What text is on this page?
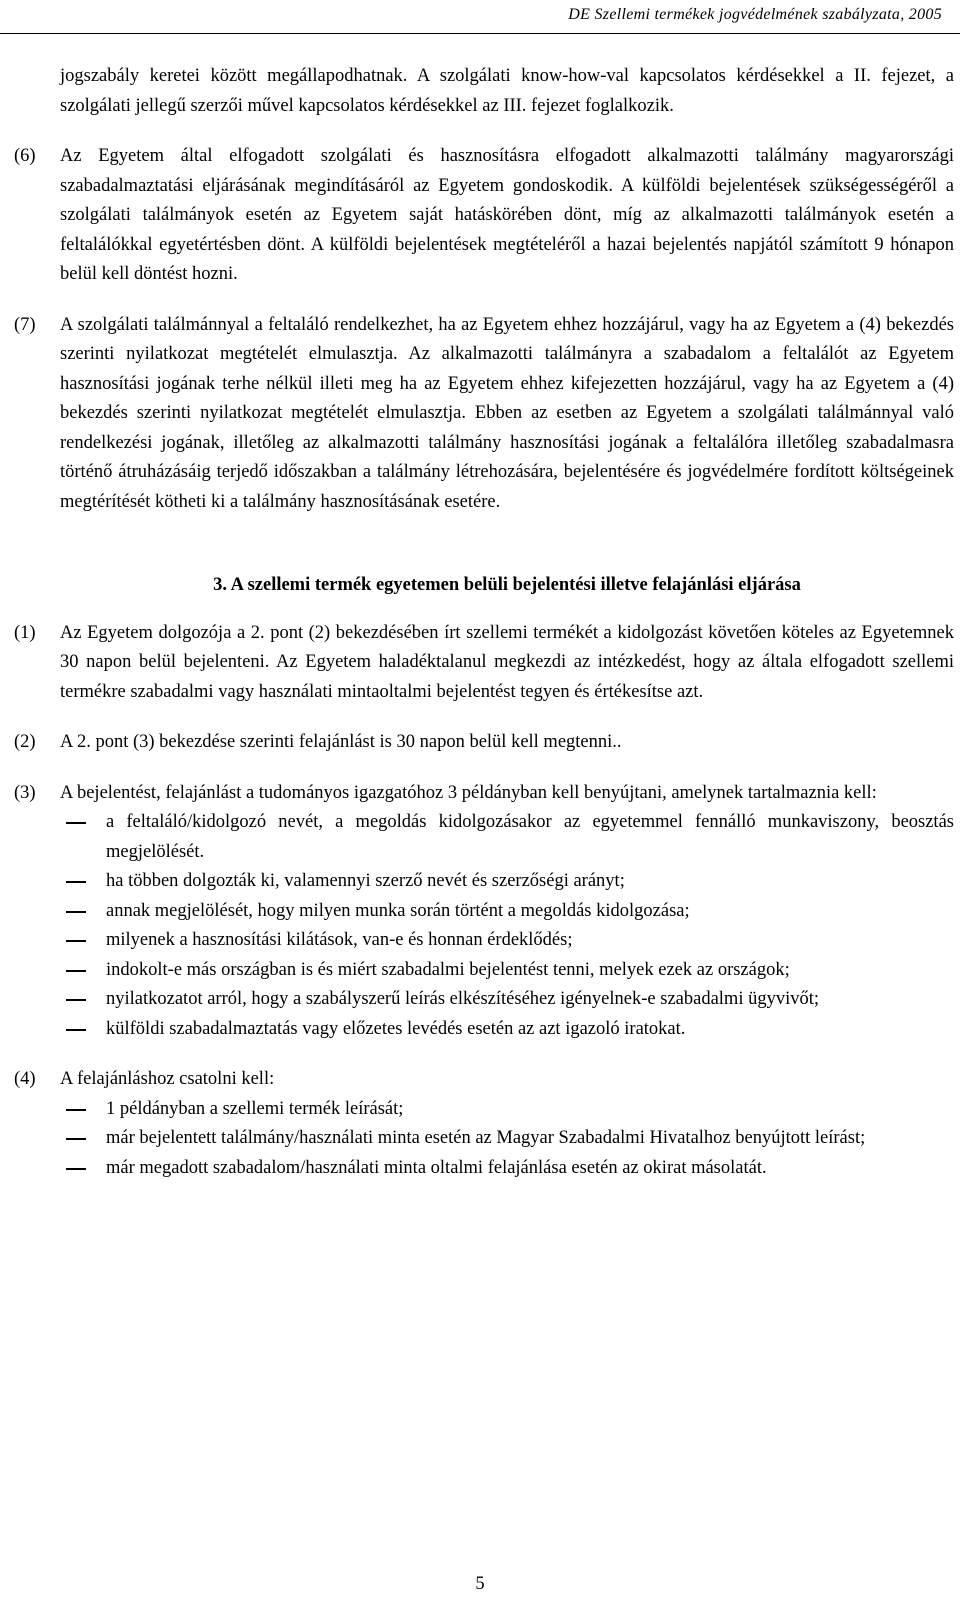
DE Szellemi termékek jogvédelmének szabályzata, 2005
jogszabály keretei között megállapodhatnak. A szolgálati know-how-val kapcsolatos kérdésekkel a II. fejezet, a szolgálati jellegű szerzői művel kapcsolatos kérdésekkel az III. fejezet foglalkozik.
(6) Az Egyetem által elfogadott szolgálati és hasznosításra elfogadott alkalmazotti találmány magyarországi szabadalmaztatási eljárásának megindításáról az Egyetem gondoskodik. A külföldi bejelentések szükségességéről a szolgálati találmányok esetén az Egyetem saját hatáskörében dönt, míg az alkalmazotti találmányok esetén a feltalálókkal egyetértésben dönt. A külföldi bejelentések megtételéről a hazai bejelentés napjától számított 9 hónapon belül kell döntést hozni.
(7) A szolgálati találmánnyal a feltaláló rendelkezhet, ha az Egyetem ehhez hozzájárul, vagy ha az Egyetem a (4) bekezdés szerinti nyilatkozat megtételét elmulasztja. Az alkalmazotti találmányra a szabadalom a feltalálót az Egyetem hasznosítási jogának terhe nélkül illeti meg ha az Egyetem ehhez kifejezetten hozzájárul, vagy ha az Egyetem a (4) bekezdés szerinti nyilatkozat megtételét elmulasztja. Ebben az esetben az Egyetem a szolgálati találmánnyal való rendelkezési jogának, illetőleg az alkalmazotti találmány hasznosítási jogának a feltalálóra illetőleg szabadalmasra történő átruházásáig terjedő időszakban a találmány létrehozására, bejelentésére és jogvédelmére fordított költségeinek megtérítését kötheti ki a találmány hasznosításának esetére.
3. A szellemi termék egyetemen belüli bejelentési illetve felajánlási eljárása
(1) Az Egyetem dolgozója a 2. pont (2) bekezdésében írt szellemi termékét a kidolgozást követően köteles az Egyetemnek 30 napon belül bejelenteni. Az Egyetem haladéktalanul megkezdi az intézkedést, hogy az általa elfogadott szellemi termékre szabadalmi vagy használati mintaoltalmi bejelentést tegyen és értékesítse azt.
(2) A 2. pont (3) bekezdése szerinti felajánlást is 30 napon belül kell megtenni..
(3) A bejelentést, felajánlást a tudományos igazgatóhoz 3 példányban kell benyújtani, amelynek tartalmaznia kell:
a feltaláló/kidolgozó nevét, a megoldás kidolgozásakor az egyetemmel fennálló munkaviszony, beosztás megjelölését.
ha többen dolgozták ki, valamennyi szerző nevét és szerzőségi arányt;
annak megjelölését, hogy milyen munka során történt a megoldás kidolgozása;
milyenek a hasznosítási kilátások, van-e és honnan érdeklődés;
indokolt-e más országban is és miért szabadalmi bejelentést tenni, melyek ezek az országok;
nyilatkozatot arról, hogy a szabályszerű leírás elkészítéséhez igényelnek-e szabadalmi ügyvivőt;
külföldi szabadalmaztatás vagy előzetes levédés esetén az azt igazoló iratokat.
(4) A felajánláshoz csatolni kell:
1 példányban a szellemi termék leírását;
már bejelentett találmány/használati minta esetén az Magyar Szabadalmi Hivatalhoz benyújtott leírást;
már megadott szabadalom/használati minta oltalmi felajánlása esetén az okirat másolatát.
5
